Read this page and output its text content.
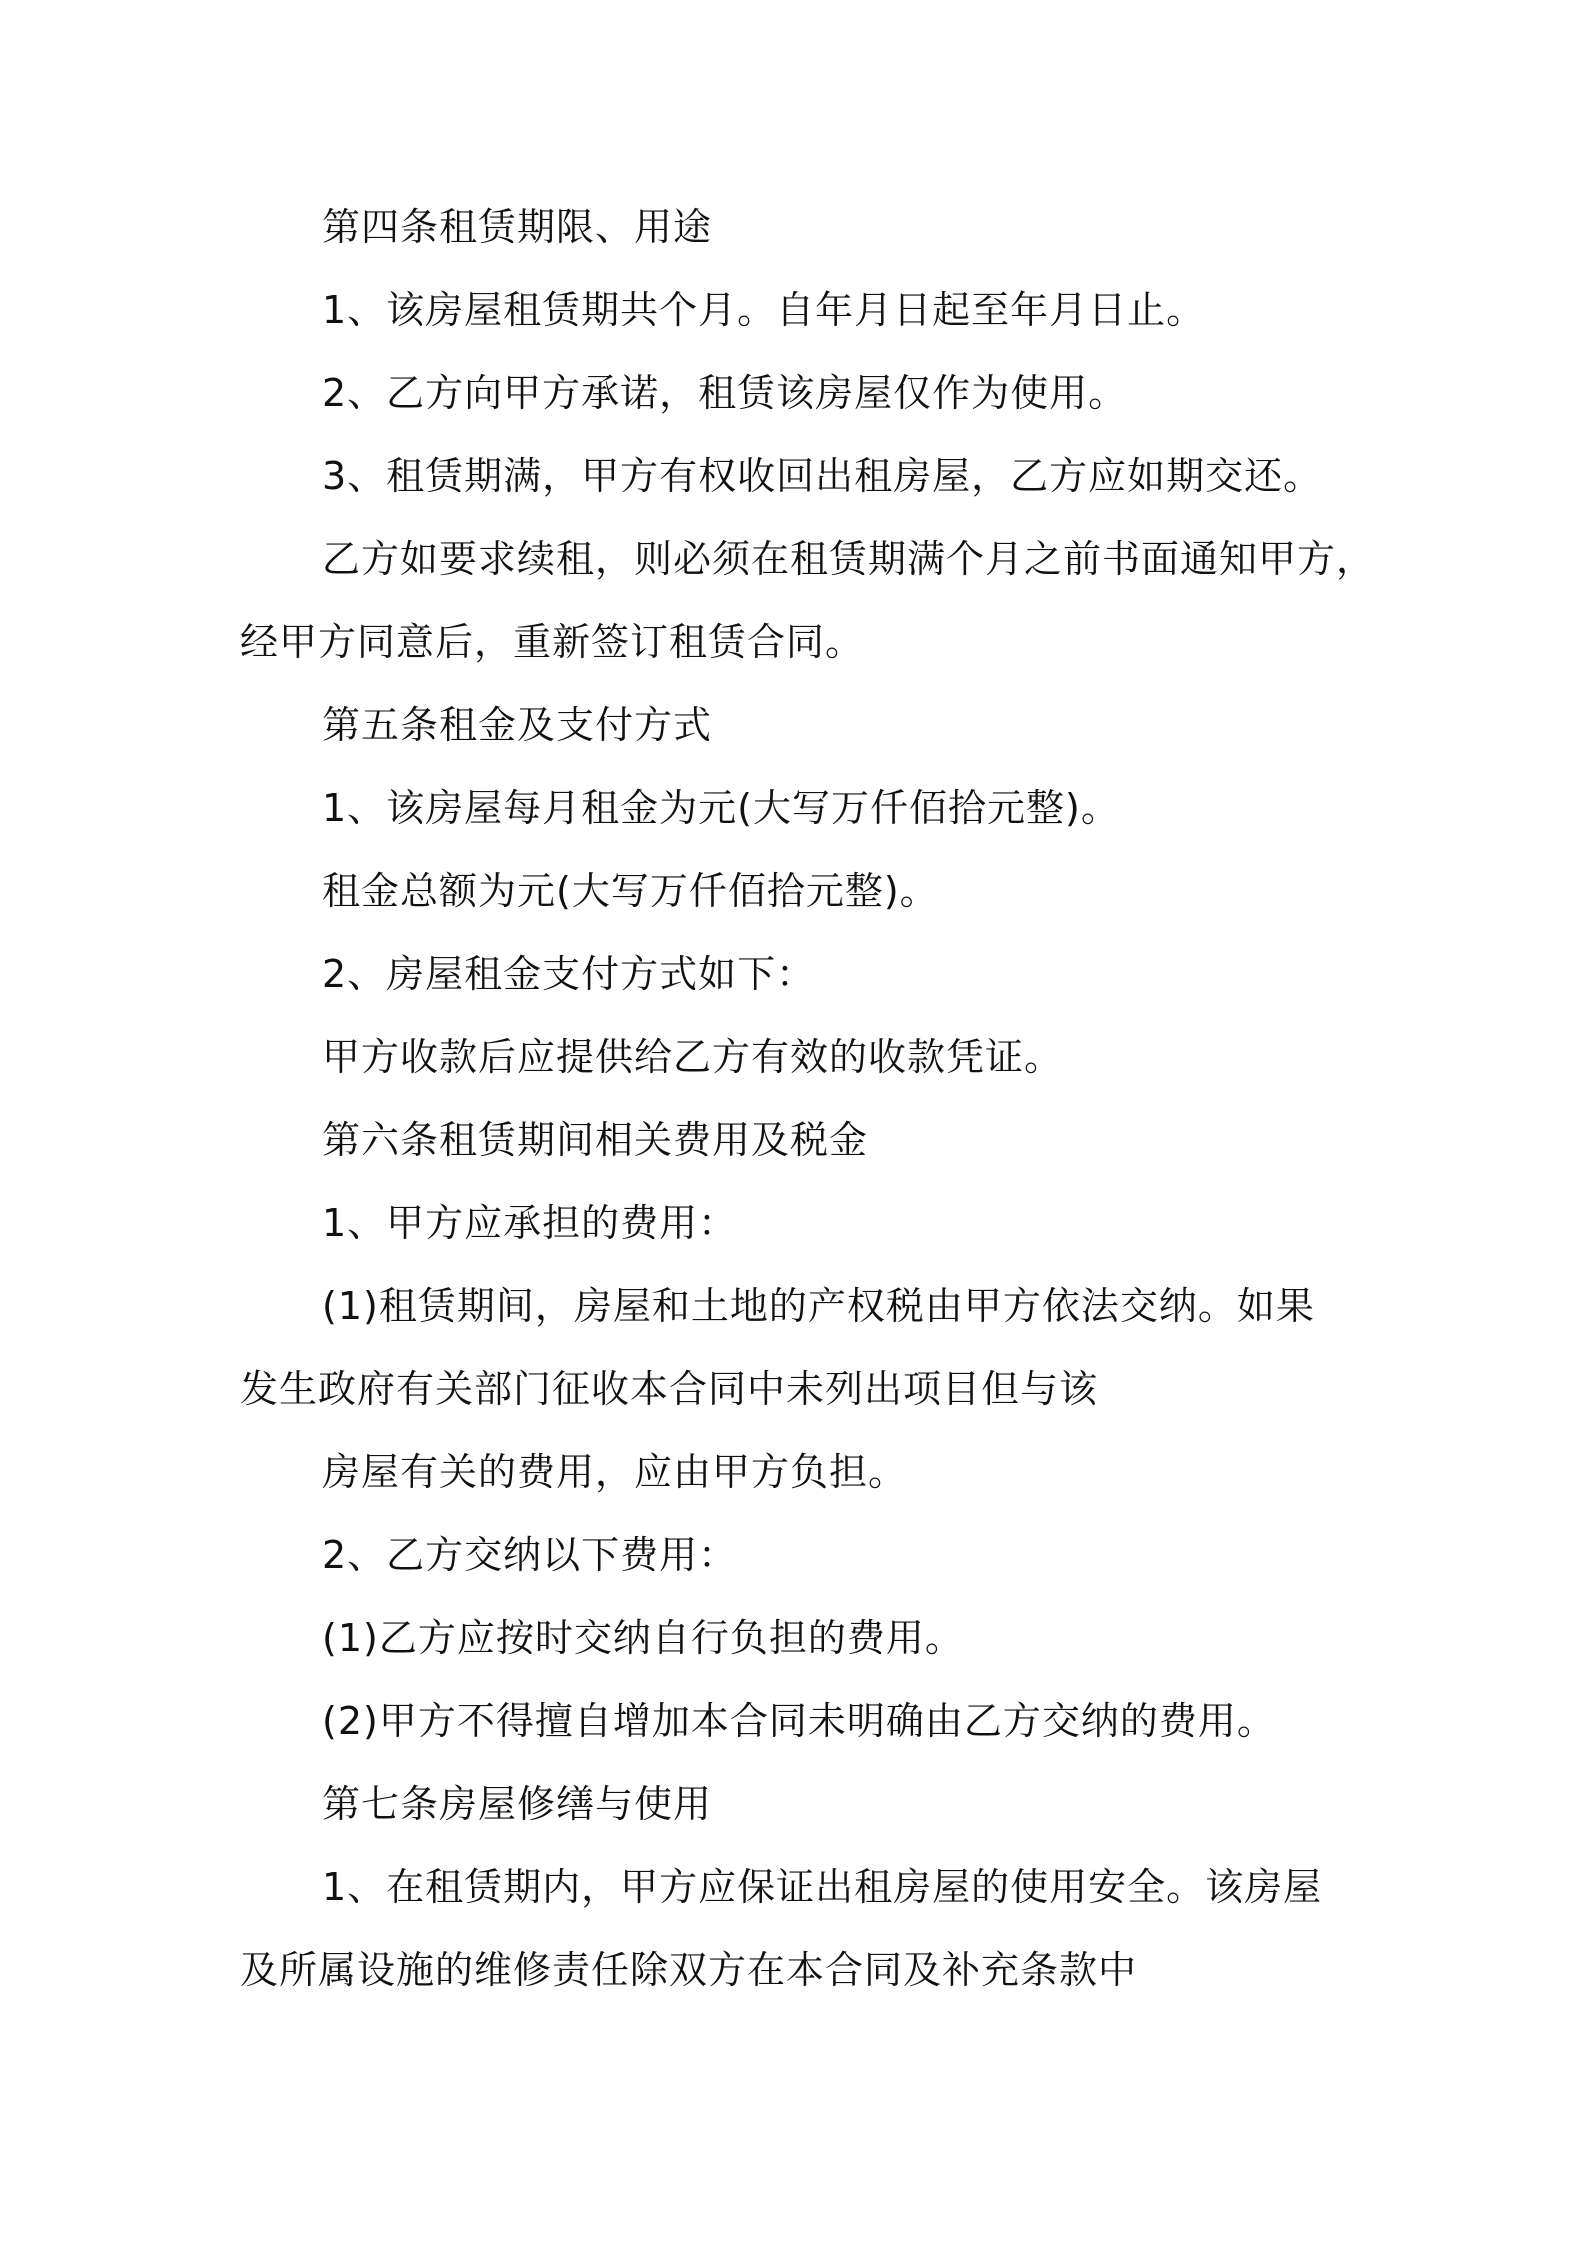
第四条租赁期限、用途
1、该房屋租赁期共个月。自年月日起至年月日止。
2、乙方向甲方承诺，租赁该房屋仅作为使用。
3、租赁期满，甲方有权收回出租房屋，乙方应如期交还。
乙方如要求续租，则必须在租赁期满个月之前书面通知甲方，
经甲方同意后，重新签订租赁合同。
第五条租金及支付方式
1、该房屋每月租金为元(大写万仟佰拾元整)。
租金总额为元(大写万仟佰拾元整)。
2、房屋租金支付方式如下：
甲方收款后应提供给乙方有效的收款凭证。
第六条租赁期间相关费用及税金
1、甲方应承担的费用：
(1)租赁期间，房屋和土地的产权税由甲方依法交纳。如果
发生政府有关部门征收本合同中未列出项目但与该
房屋有关的费用，应由甲方负担。
2、乙方交纳以下费用：
(1)乙方应按时交纳自行负担的费用。
(2)甲方不得擅自增加本合同未明确由乙方交纳的费用。
第七条房屋修缮与使用
1、在租赁期内，甲方应保证出租房屋的使用安全。该房屋
及所属设施的维修责任除双方在本合同及补充条款中
